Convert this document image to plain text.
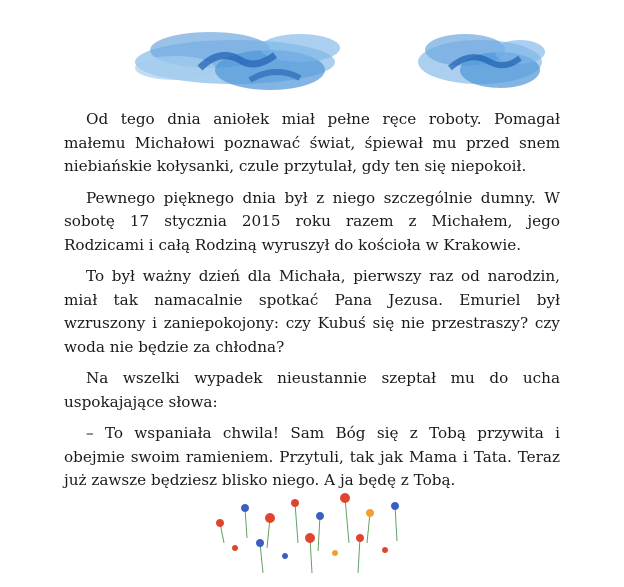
Od tego dnia aniołek miał pełne ręce roboty. Pomagał małemu Michałowi poznawać świat, śpiewał mu przed snem niebiańskie kołysanki, czule przytulał, gdy ten się niepokoił.

Pewnego pięknego dnia był z niego szczególnie dumny. W sobotę 17 stycznia 2015 roku razem z Michałem, jego Rodzicami i całą Rodziną wyruszył do kościoła w Krakowie.

To był ważny dzień dla Michała, pierwszy raz od narodzin, miał tak namacalnie spotkać Pana Jezusa. Emuriel był wzruszony i zaniepokojony: czy Kubuś się nie przestraszy? czy woda nie będzie za chłodna?

Na wszelki wypadek nieustannie szeptał mu do ucha uspokajające słowa:

– To wspaniała chwila! Sam Bóg się z Tobą przywita i obejmie swoim ramieniem. Przytuli, tak jak Mama i Tata. Teraz już zawsze będziesz blisko niego. A ja będę z Tobą.
